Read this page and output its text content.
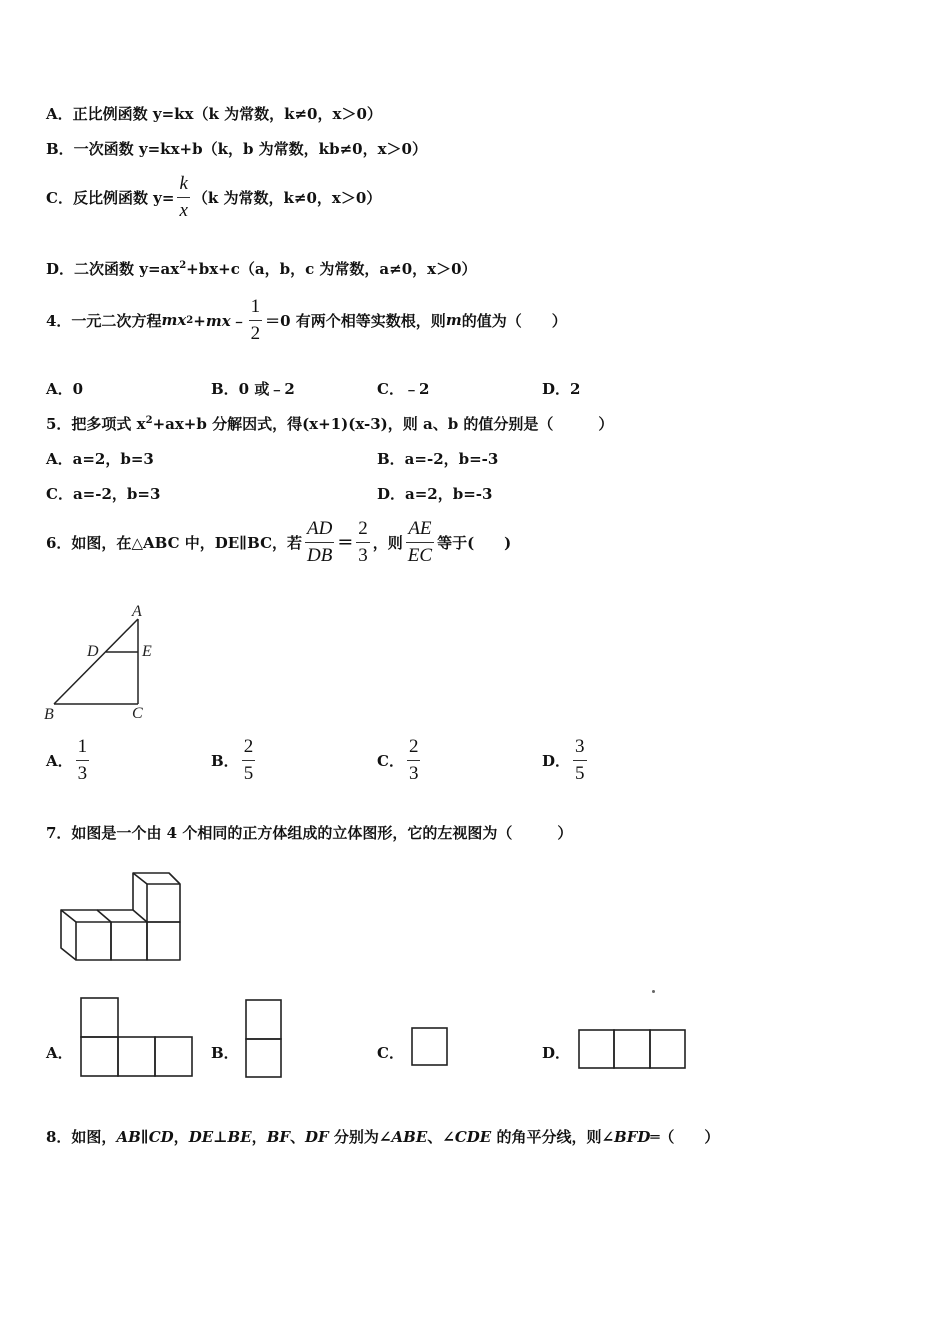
A．正比例函数 y=kx（k 为常数，k≠0，x＞0）
B．一次函数 y=kx+b（k，b 为常数，kb≠0，x＞0）
C．反比例函数 $y= \frac{k}{x} (k$ 为常数，k≠0，x＞0）
D．二次函数 $y=ax^2+bx+c(a$，b，c 为常数，a≠0，x＞0）
4．一元二次方程 mx 2 +mx﹣ $\frac{1}{2} =0$ 有两个相等实数根，则 m 的值为（　　）
A．0	B．0 或﹣2	C．﹣2	D．2
5．把多项式 $x^2+ax+b$ 分解因式，得(x+1)(x-3)，则 a、b 的值分别是（　　　）
A．a=2，b=3	B．a=-2，b=-3
C．a=-2，b=3	D．a=2，b=-3
6．如图，在△ABC 中，DE∥BC，若 $\frac{AD}{DB} = \frac{2}{3}$ ，则 $\frac{AE}{EC}$ 等于(　　)
A
D	E
B	C
A． $\frac{1}{3}$	B． $\frac{2}{5}$	C． $\frac{2}{3}$	D． $\frac{3}{5}$
7．如图是一个由 4 个相同的正方体组成的立体图形，它的左视图为（　　　）
A．	B．	C．	D．
8．如图，AB∥CD，DE⊥BE，BF、DF 分别为∠ABE、∠CDE 的角平分线，则∠BFD═（　　）
